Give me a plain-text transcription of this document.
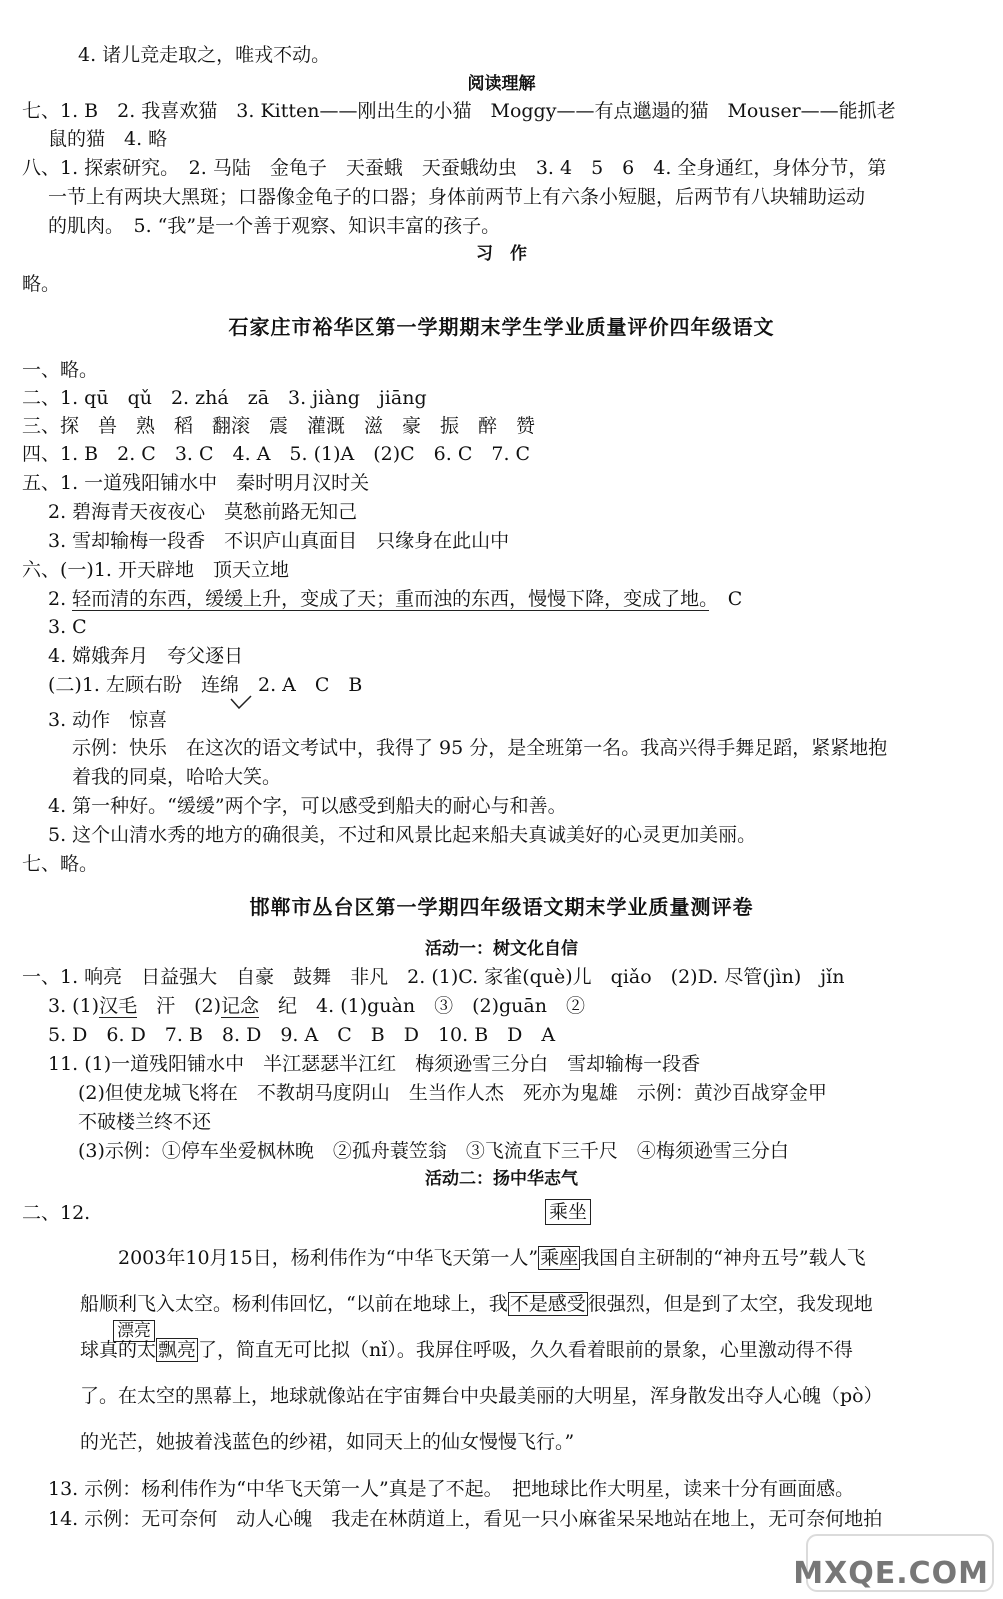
4. 诸儿竞走取之，唯戎不动。
阅读理解
七、1. B　2. 我喜欢猫　3. Kitten——刚出生的小猫　Moggy——有点邋遢的猫　Mouser——能抓老
鼠的猫　4. 略
八、1. 探索研究。　2. 马陆　金龟子　天蚕蛾　天蚕蛾幼虫　3. 4　5　6　4. 全身通红，身体分节，第
一节上有两块大黑斑；口器像金龟子的口器；身体前两节上有六条小短腿，后两节有八块辅助运动
的肌肉。　5. “我”是一个善于观察、知识丰富的孩子。
习　作
略。
石家庄市裕华区第一学期期末学生学业质量评价四年级语文
一、略。
二、1. qū　qǔ　2. zhá　zā　3. jiàng　jiāng
三、探　兽　熟　稻　翻滚　震　灌溉　滋　豪　振　醉　赞
四、1. B　2. C　3. C　4. A　5. (1)A　(2)C　6. C　7. C
五、1. 一道残阳铺水中　秦时明月汉时关
2. 碧海青天夜夜心　莫愁前路无知己
3. 雪却输梅一段香　不识庐山真面目　只缘身在此山中
六、(一)1. 开天辟地　顶天立地
2. 轻而清的东西，缓缓上升，变成了天；重而浊的东西，慢慢下降，变成了地。　C
3. C
4. 嫦娥奔月　夸父逐日
(二)1. 左顾右盼　连绵　2. A　C　B
3. 动作　惊喜
示例：快乐　在这次的语文考试中，我得了 95 分，是全班第一名。我高兴得手舞足蹈，紧紧地抱
着我的同桌，哈哈大笑。
4. 第一种好。“缓缓”两个字，可以感受到船夫的耐心与和善。
5. 这个山清水秀的地方的确很美，不过和风景比起来船夫真诚美好的心灵更加美丽。
七、略。
邯郸市丛台区第一学期四年级语文期末学业质量测评卷
活动一：树文化自信
一、1. 响亮　日益强大　自豪　鼓舞　非凡　2. (1)C. 家雀(què)儿　qiǎo　(2)D. 尽管(jìn)　jǐn
3. (1)汉毛　汗　(2)记念　纪　4. (1)guàn　③　(2)guān　②
5. D　6. D　7. B　8. D　9. A　C　B　D　10. B　D　A
11. (1)一道残阳铺水中　半江瑟瑟半江红　梅须逊雪三分白　雪却输梅一段香
(2)但使龙城飞将在　不教胡马度阴山　生当作人杰　死亦为鬼雄　示例：黄沙百战穿金甲
不破楼兰终不还
(3)示例：①停车坐爱枫林晚　②孤舟蓑笠翁　③飞流直下三千尺　④梅须逊雪三分白
活动二：扬中华志气
二、12.	乘坐
漂亮
2003年10月15日，杨利伟作为“中华飞天第一人” 乘座 我国自主研制的“神舟五号”载人飞
船顺利飞入太空。杨利伟回忆，“以前在地球上，我 不是感受 很强烈，但是到了太空，我发现地
球真的太 飘亮 了，简直无可比拟（nǐ）。我屏住呼吸，久久看着眼前的景象，心里激动得不得
了。在太空的黑幕上，地球就像站在宇宙舞台中央最美丽的大明星，浑身散发出夺人心魄（pò）
的光芒，她披着浅蓝色的纱裙，如同天上的仙女慢慢飞行。”
13. 示例：杨利伟作为“中华飞天第一人”真是了不起。　把地球比作大明星，读来十分有画面感。
14. 示例：无可奈何　动人心魄　我走在林荫道上，看见一只小麻雀呆呆地站在地上，无可奈何地拍
MXQE.COM
